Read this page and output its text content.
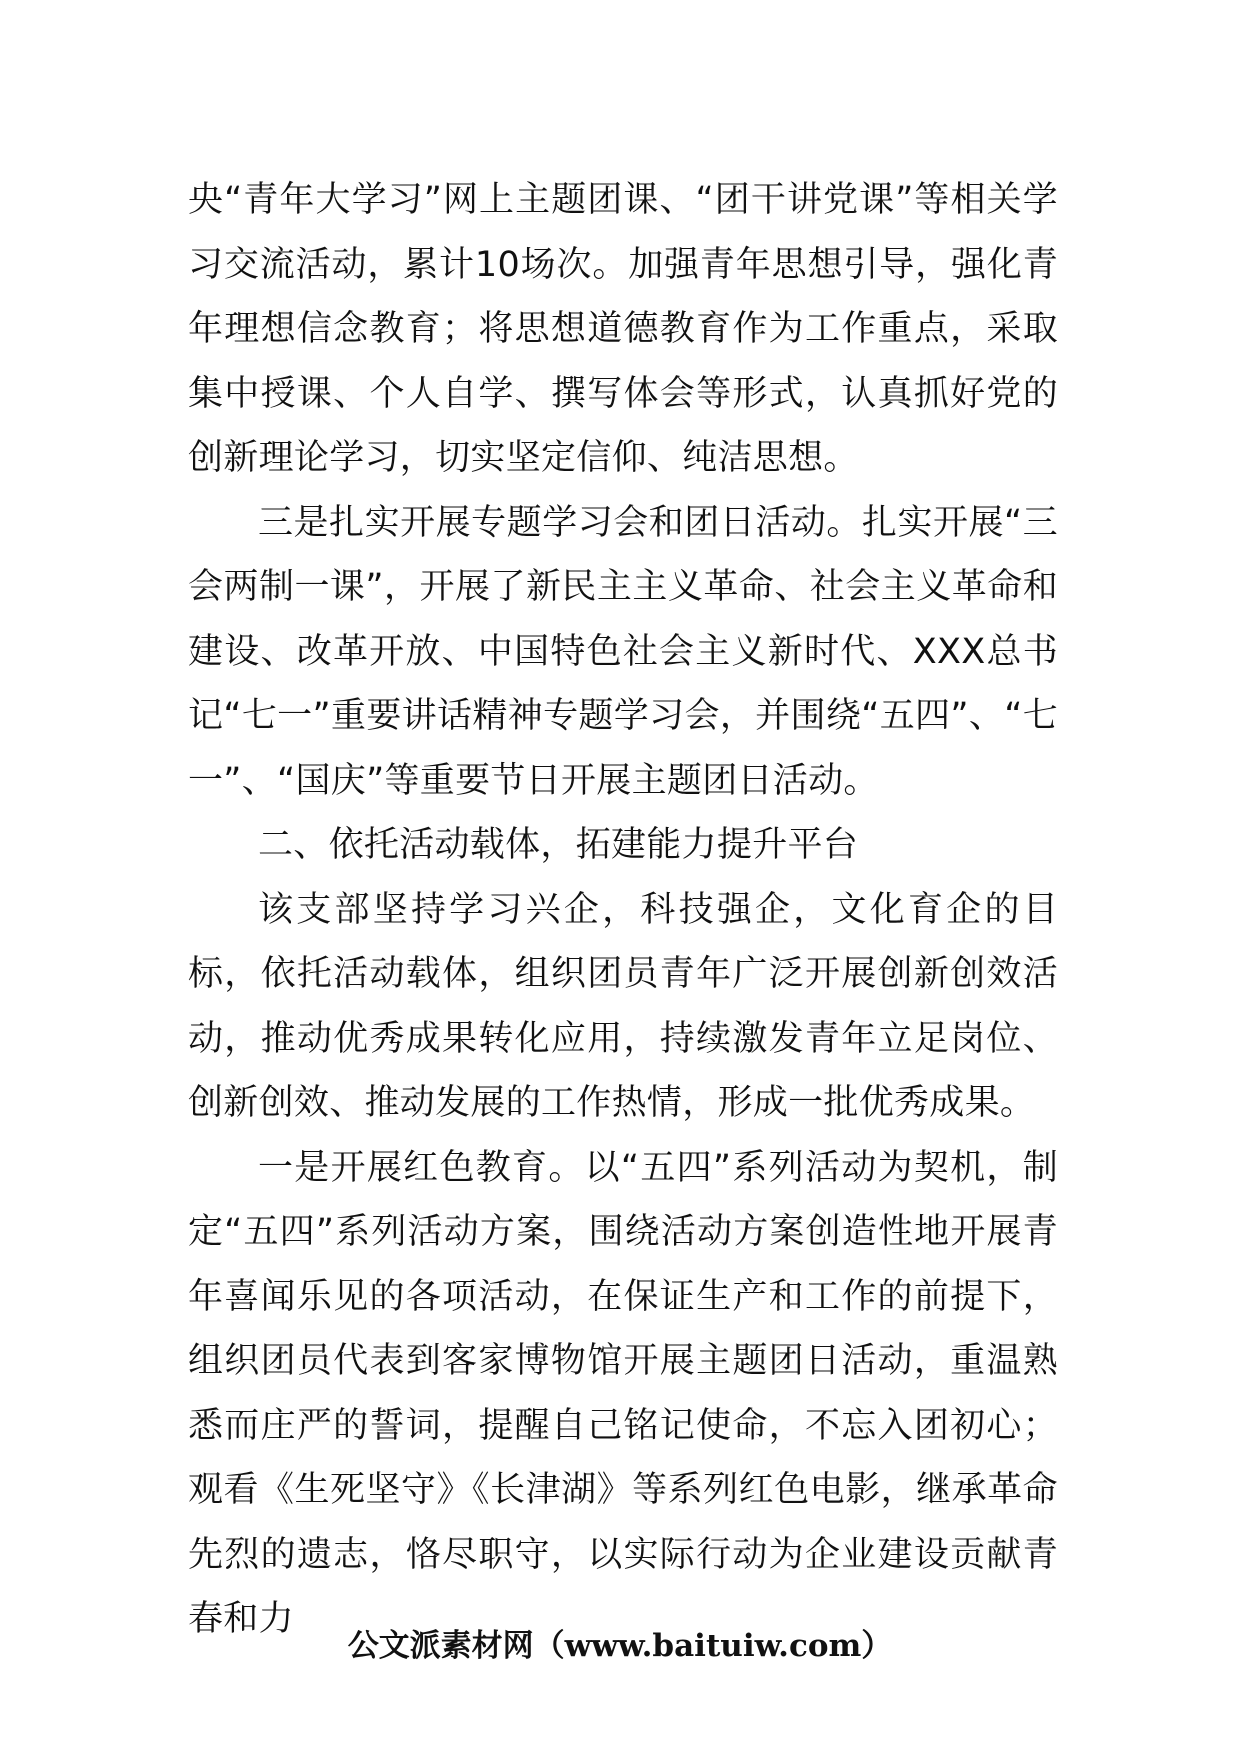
央“青年大学习”网上主题团课、“团干讲党课”等相关学习交流活动，累计10场次。加强青年思想引导，强化青年理想信念教育；将思想道德教育作为工作重点，采取集中授课、个人自学、撰写体会等形式，认真抓好党的创新理论学习，切实坚定信仰、纯洁思想。

三是扎实开展专题学习会和团日活动。扎实开展“三会两制一课”，开展了新民主主义革命、社会主义革命和建设、改革开放、中国特色社会主义新时代、XXX总书记“七一”重要讲话精神专题学习会，并围绕“五四”、“七一”、“国庆”等重要节日开展主题团日活动。

二、依托活动载体，拓建能力提升平台

该支部坚持学习兴企，科技强企，文化育企的目标，依托活动载体，组织团员青年广泛开展创新创效活动，推动优秀成果转化应用，持续激发青年立足岗位、创新创效、推动发展的工作热情，形成一批优秀成果。

一是开展红色教育。以“五四”系列活动为契机，制定“五四”系列活动方案，围绕活动方案创造性地开展青年喜闻乐见的各项活动，在保证生产和工作的前提下，组织团员代表到客家博物馆开展主题团日活动，重温熟悉而庄严的誓词，提醒自己铭记使命，不忘入团初心；观看《生死坚守》《长津湖》等系列红色电影，继承革命先烈的遗志，恪尽职守，以实际行动为企业建设贡献青春和力

公文派素材网（www.baituiw.com）
